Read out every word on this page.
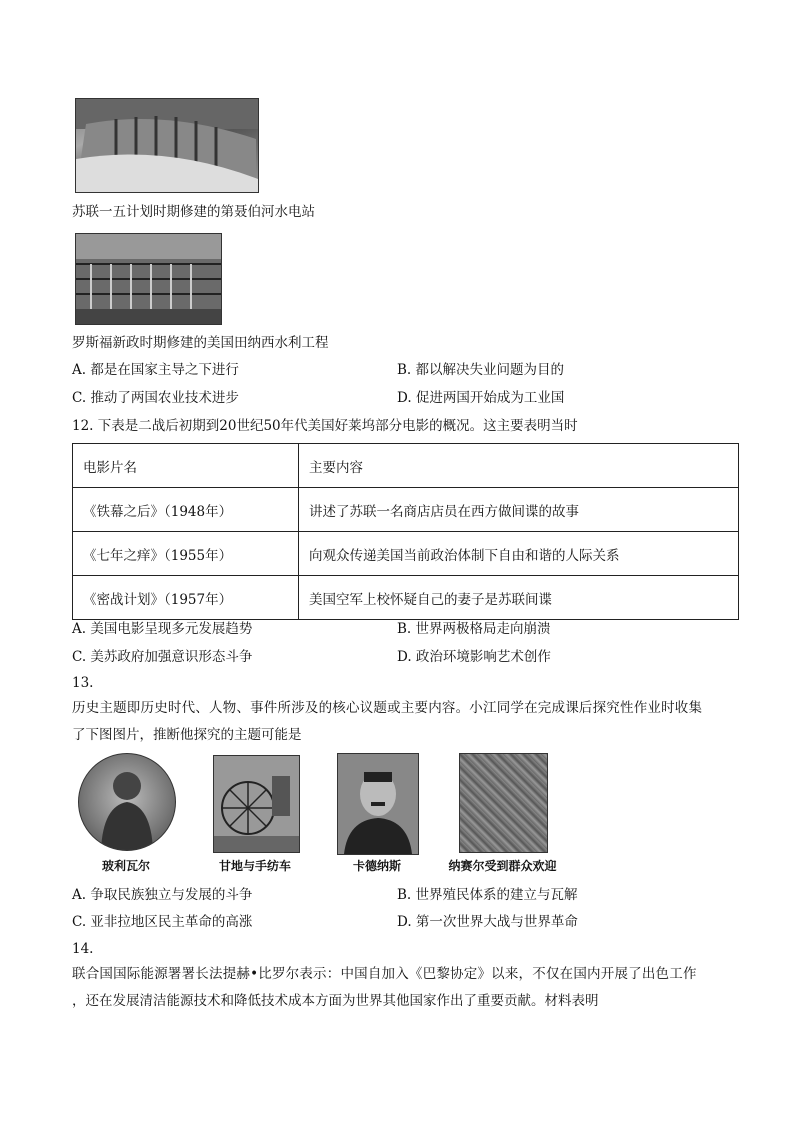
苏联一五计划时期修建的第聂伯河水电站
罗斯福新政时期修建的美国田纳西水利工程
A. 都是在国家主导之下进行	B. 都以解决失业问题为目的
C. 推动了两国农业技术进步	D. 促进两国开始成为工业国
12. 下表是二战后初期到20世纪50年代美国好莱坞部分电影的概况。这主要表明当时
电影片名	主要内容
《铁幕之后》（1948年）	讲述了苏联一名商店店员在西方做间谍的故事
《七年之痒》（1955年）	向观众传递美国当前政治体制下自由和谐的人际关系
《密战计划》（1957年）	美国空军上校怀疑自己的妻子是苏联间谍
A. 美国电影呈现多元发展趋势	B. 世界两极格局走向崩溃
C. 美苏政府加强意识形态斗争	D. 政治环境影响艺术创作
13.
历史主题即历史时代、人物、事件所涉及的核心议题或主要内容。小江同学在完成课后探究性作业时收集
了下图图片，推断他探究的主题可能是
玻利瓦尔	甘地与手纺车	卡德纳斯	纳赛尔受到群众欢迎
A. 争取民族独立与发展的斗争	B. 世界殖民体系的建立与瓦解
C. 亚非拉地区民主革命的高涨	D. 第一次世界大战与世界革命
14.
联合国国际能源署署长法提赫•比罗尔表示：中国自加入《巴黎协定》以来，不仅在国内开展了出色工作
，还在发展清洁能源技术和降低技术成本方面为世界其他国家作出了重要贡献。材料表明
